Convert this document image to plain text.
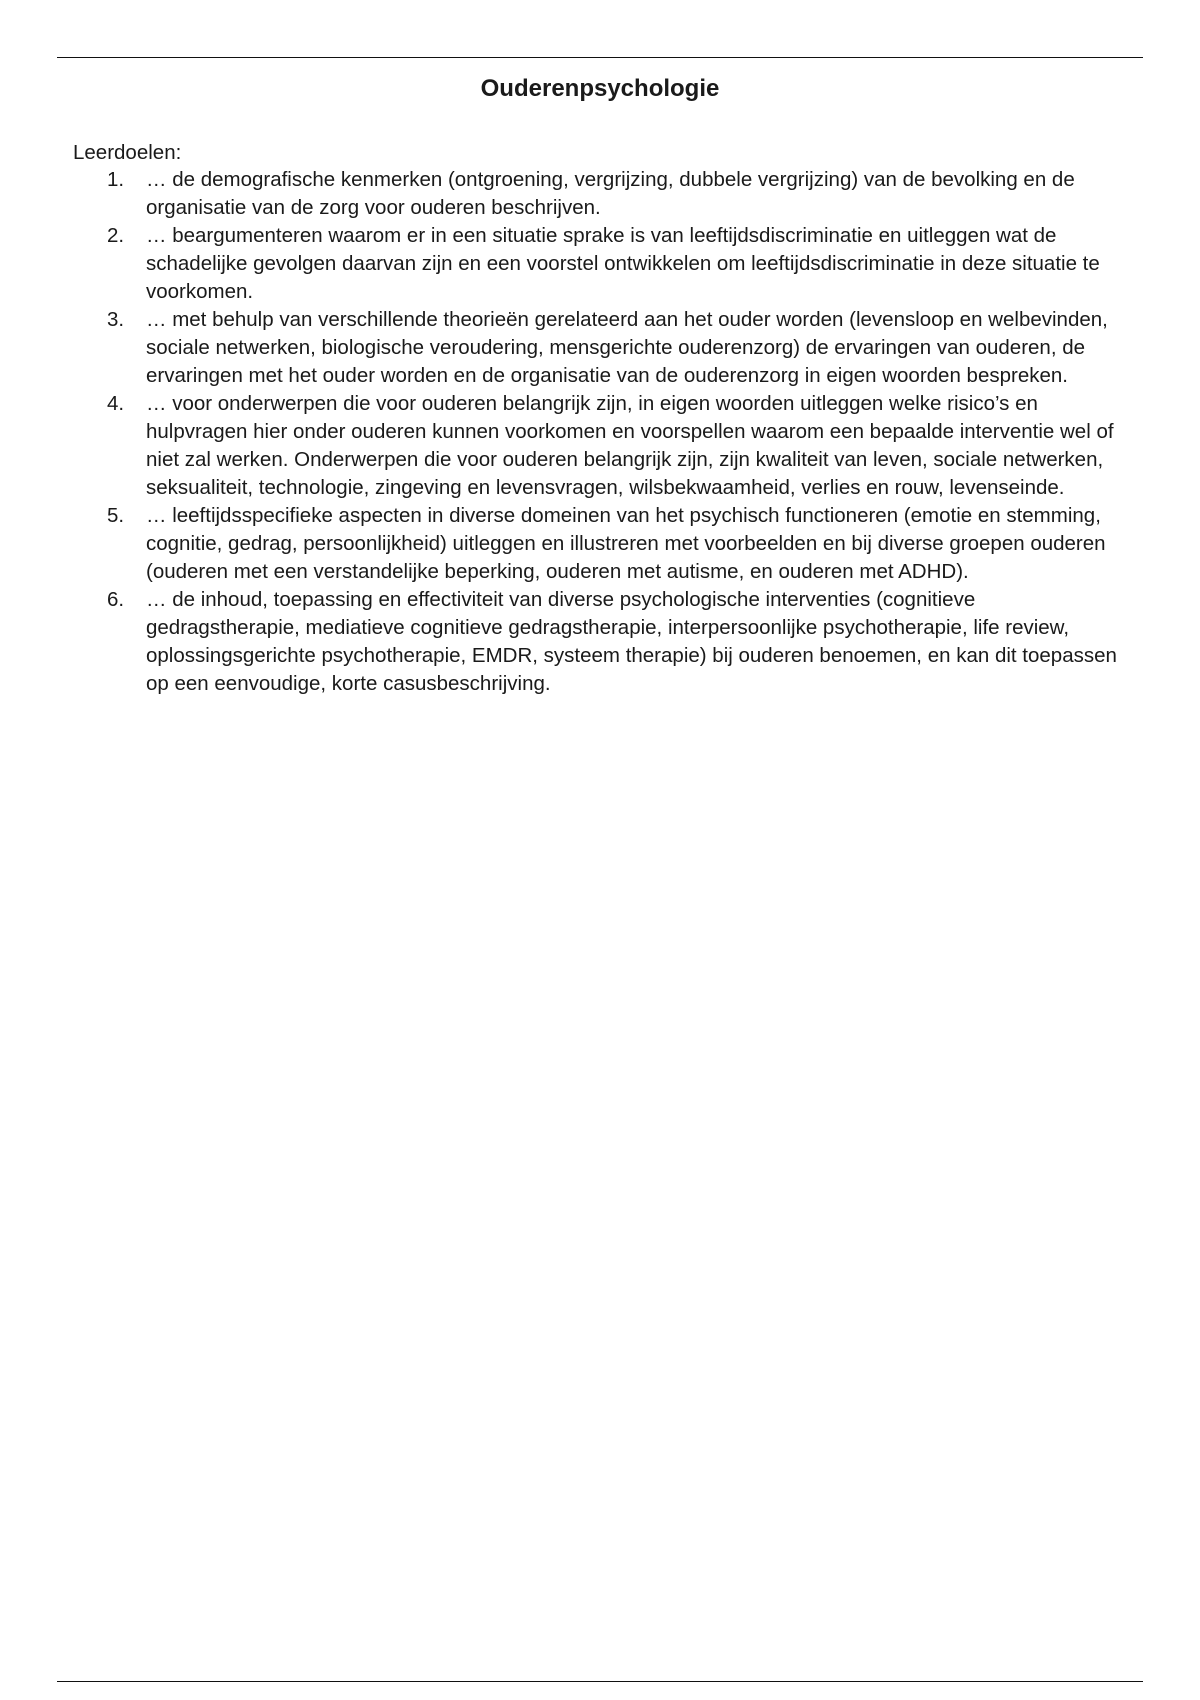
Ouderenpsychologie

Leerdoelen:

1. … de demografische kenmerken (ontgroening, vergrijzing, dubbele vergrijzing) van de bevolking en de organisatie van de zorg voor ouderen beschrijven.
2. … beargumenteren waarom er in een situatie sprake is van leeftijdsdiscriminatie en uitleggen wat de schadelijke gevolgen daarvan zijn en een voorstel ontwikkelen om leeftijdsdiscriminatie in deze situatie te voorkomen.
3. … met behulp van verschillende theorieën gerelateerd aan het ouder worden (levensloop en welbevinden, sociale netwerken, biologische veroudering, mensgerichte ouderenzorg) de ervaringen van ouderen, de ervaringen met het ouder worden en de organisatie van de ouderenzorg in eigen woorden bespreken.
4. … voor onderwerpen die voor ouderen belangrijk zijn, in eigen woorden uitleggen welke risico’s en hulpvragen hier onder ouderen kunnen voorkomen en voorspellen waarom een bepaalde interventie wel of niet zal werken. Onderwerpen die voor ouderen belangrijk zijn, zijn kwaliteit van leven, sociale netwerken, seksualiteit, technologie, zingeving en levensvragen, wilsbekwaamheid, verlies en rouw, levenseinde.
5. … leeftijdsspecifieke aspecten in diverse domeinen van het psychisch functioneren (emotie en stemming, cognitie, gedrag, persoonlijkheid) uitleggen en illustreren met voorbeelden en bij diverse groepen ouderen (ouderen met een verstandelijke beperking, ouderen met autisme, en ouderen met ADHD).
6. … de inhoud, toepassing en effectiviteit van diverse psychologische interventies (cognitieve gedragstherapie, mediatieve cognitieve gedragstherapie, interpersoonlijke psychotherapie, life review, oplossingsgerichte psychotherapie, EMDR, systeem therapie) bij ouderen benoemen, en kan dit toepassen op een eenvoudige, korte casusbeschrijving.
